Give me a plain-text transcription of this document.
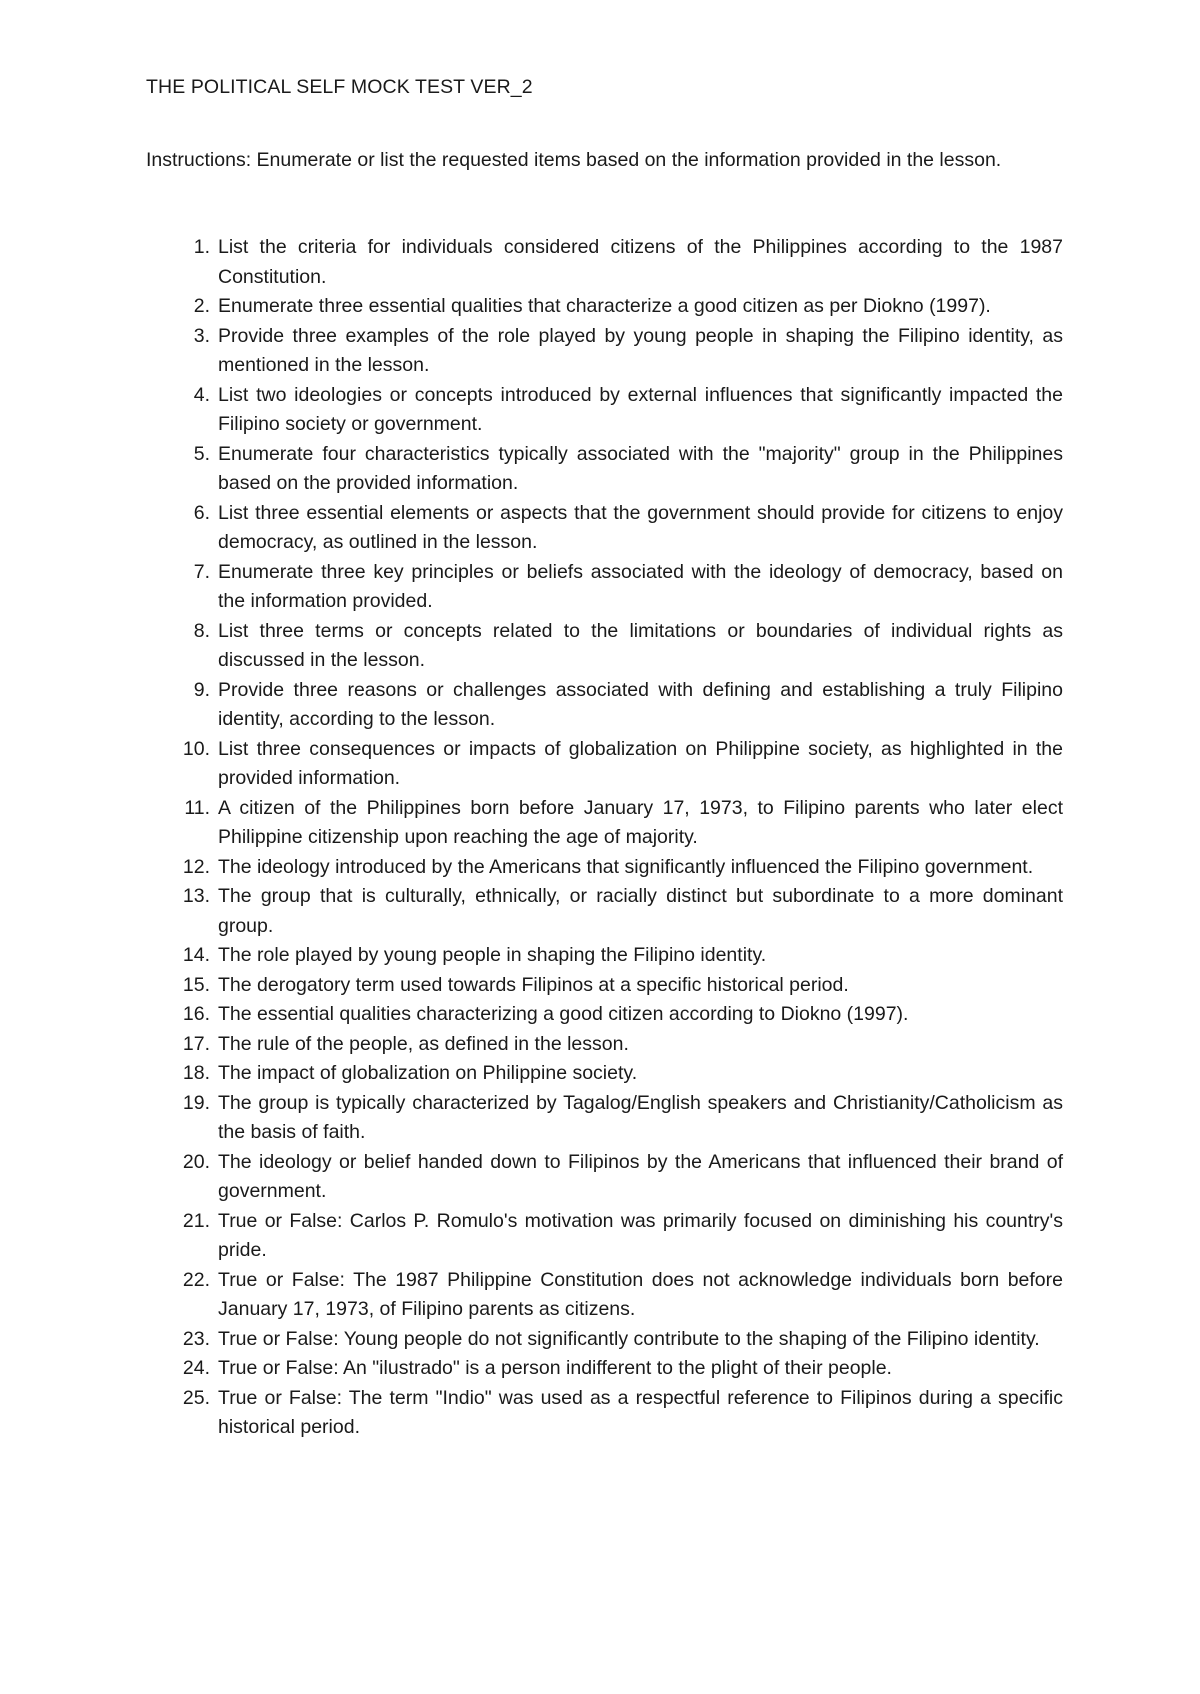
THE POLITICAL SELF MOCK TEST VER_2

Instructions: Enumerate or list the requested items based on the information provided in the lesson.

1. List the criteria for individuals considered citizens of the Philippines according to the 1987 Constitution.
2. Enumerate three essential qualities that characterize a good citizen as per Diokno (1997).
3. Provide three examples of the role played by young people in shaping the Filipino identity, as mentioned in the lesson.
4. List two ideologies or concepts introduced by external influences that significantly impacted the Filipino society or government.
5. Enumerate four characteristics typically associated with the "majority" group in the Philippines based on the provided information.
6. List three essential elements or aspects that the government should provide for citizens to enjoy democracy, as outlined in the lesson.
7. Enumerate three key principles or beliefs associated with the ideology of democracy, based on the information provided.
8. List three terms or concepts related to the limitations or boundaries of individual rights as discussed in the lesson.
9. Provide three reasons or challenges associated with defining and establishing a truly Filipino identity, according to the lesson.
10. List three consequences or impacts of globalization on Philippine society, as highlighted in the provided information.
11. A citizen of the Philippines born before January 17, 1973, to Filipino parents who later elect Philippine citizenship upon reaching the age of majority.
12. The ideology introduced by the Americans that significantly influenced the Filipino government.
13. The group that is culturally, ethnically, or racially distinct but subordinate to a more dominant group.
14. The role played by young people in shaping the Filipino identity.
15. The derogatory term used towards Filipinos at a specific historical period.
16. The essential qualities characterizing a good citizen according to Diokno (1997).
17. The rule of the people, as defined in the lesson.
18. The impact of globalization on Philippine society.
19. The group is typically characterized by Tagalog/English speakers and Christianity/Catholicism as the basis of faith.
20. The ideology or belief handed down to Filipinos by the Americans that influenced their brand of government.
21. True or False: Carlos P. Romulo's motivation was primarily focused on diminishing his country's pride.
22. True or False: The 1987 Philippine Constitution does not acknowledge individuals born before January 17, 1973, of Filipino parents as citizens.
23. True or False: Young people do not significantly contribute to the shaping of the Filipino identity.
24. True or False: An "ilustrado" is a person indifferent to the plight of their people.
25. True or False: The term "Indio" was used as a respectful reference to Filipinos during a specific historical period.
